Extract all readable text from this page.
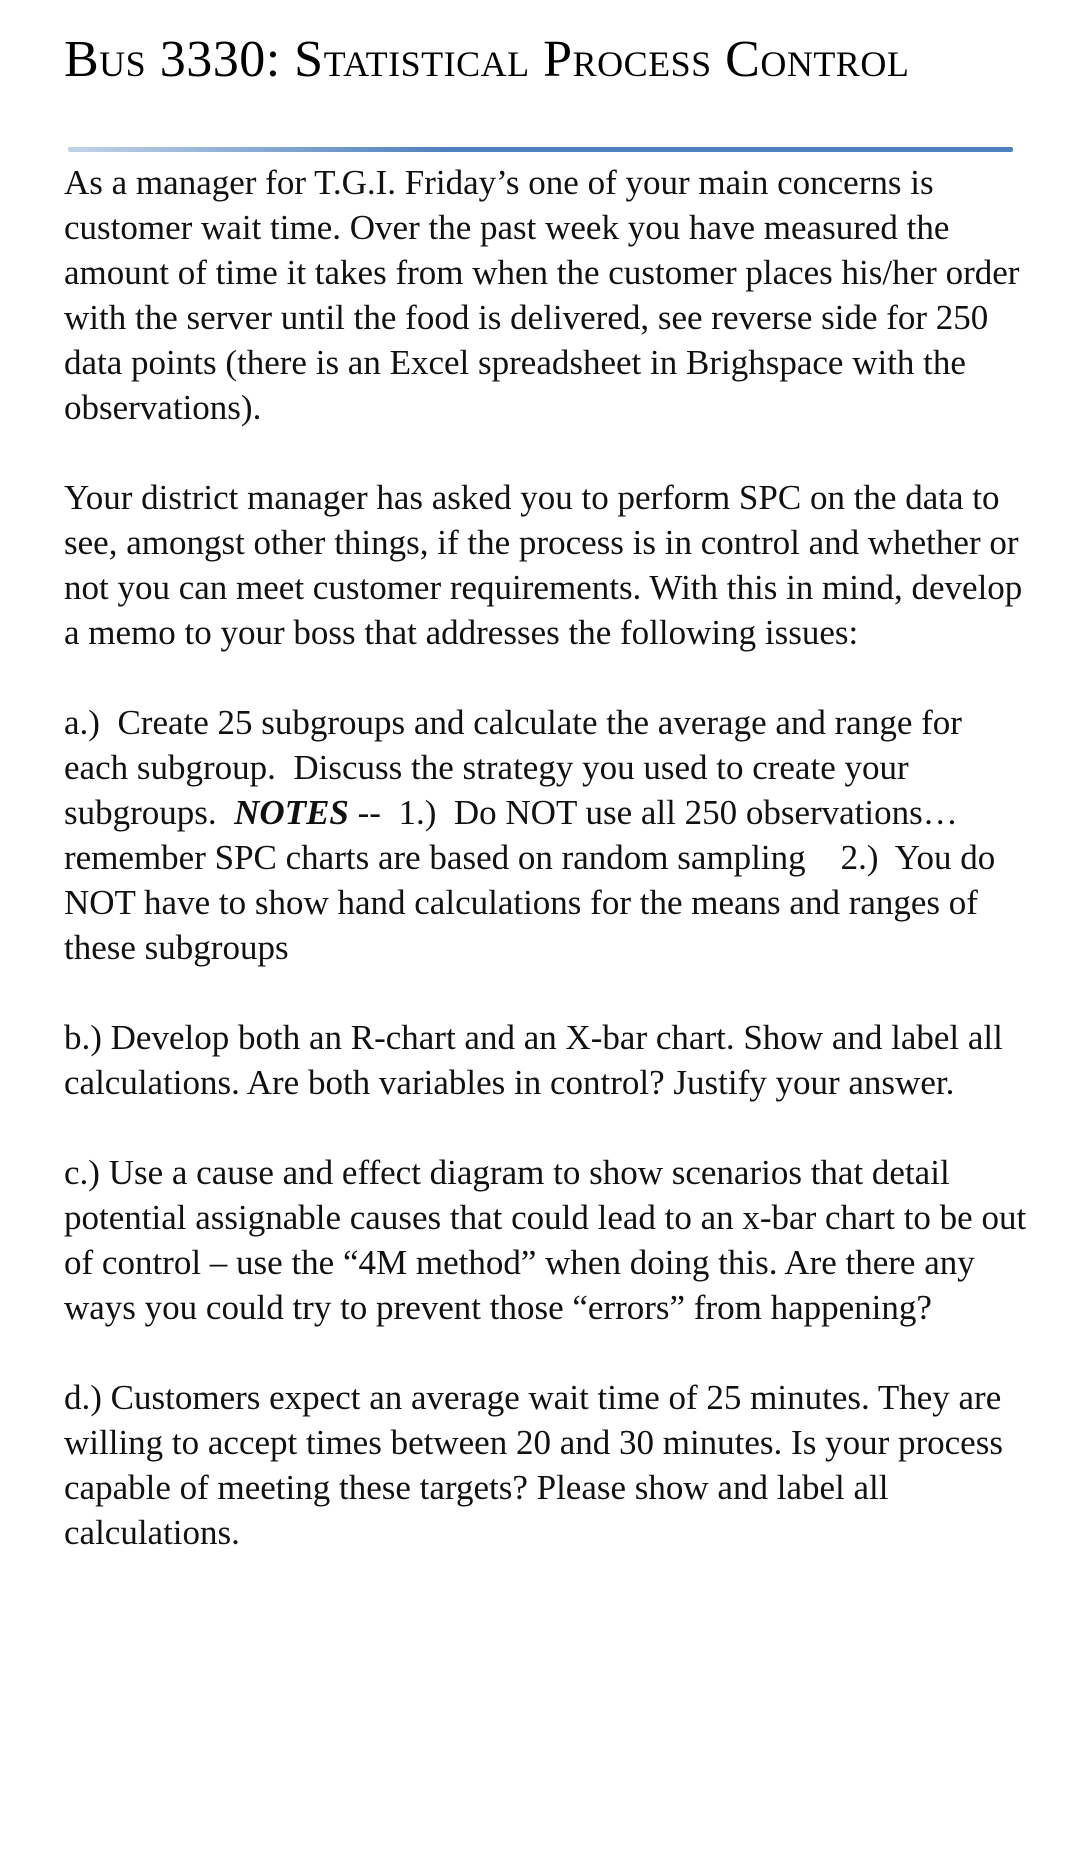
Bus 3330: Statistical Process Control

As a manager for T.G.I. Friday’s one of your main concerns is customer wait time. Over the past week you have measured the amount of time it takes from when the customer places his/her order with the server until the food is delivered, see reverse side for 250 data points (there is an Excel spreadsheet in Brighspace with the observations).

Your district manager has asked you to perform SPC on the data to see, amongst other things, if the process is in control and whether or not you can meet customer requirements. With this in mind, develop a memo to your boss that addresses the following issues:

a.)  Create 25 subgroups and calculate the average and range for each subgroup.  Discuss the strategy you used to create your subgroups.  NOTES --  1.)  Do NOT use all 250 observations…remember SPC charts are based on random sampling    2.)  You do NOT have to show hand calculations for the means and ranges of these subgroups

b.) Develop both an R-chart and an X-bar chart. Show and label all calculations. Are both variables in control? Justify your answer.

c.) Use a cause and effect diagram to show scenarios that detail potential assignable causes that could lead to an x-bar chart to be out of control – use the “4M method” when doing this. Are there any ways you could try to prevent those “errors” from happening?

d.) Customers expect an average wait time of 25 minutes. They are willing to accept times between 20 and 30 minutes. Is your process capable of meeting these targets? Please show and label all calculations.
